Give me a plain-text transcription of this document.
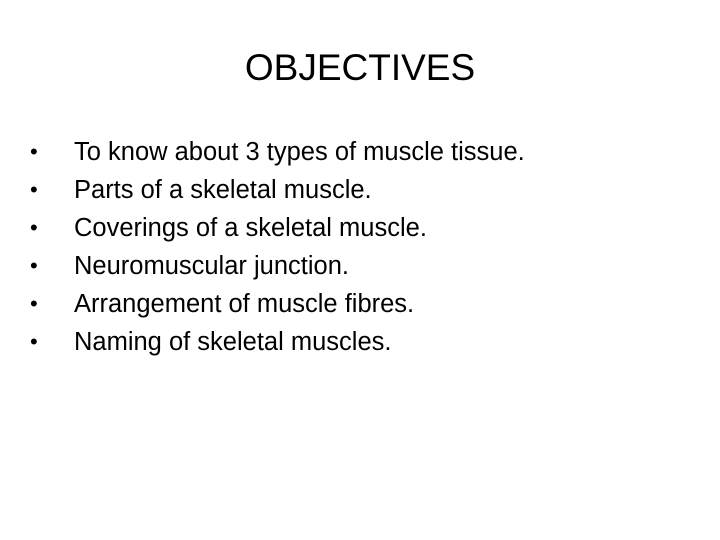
OBJECTIVES
•	To know about 3 types of muscle tissue.
•	Parts of a skeletal muscle.
•	Coverings of a skeletal muscle.
•	Neuromuscular junction.
•	Arrangement of muscle fibres.
•	Naming of skeletal muscles.
